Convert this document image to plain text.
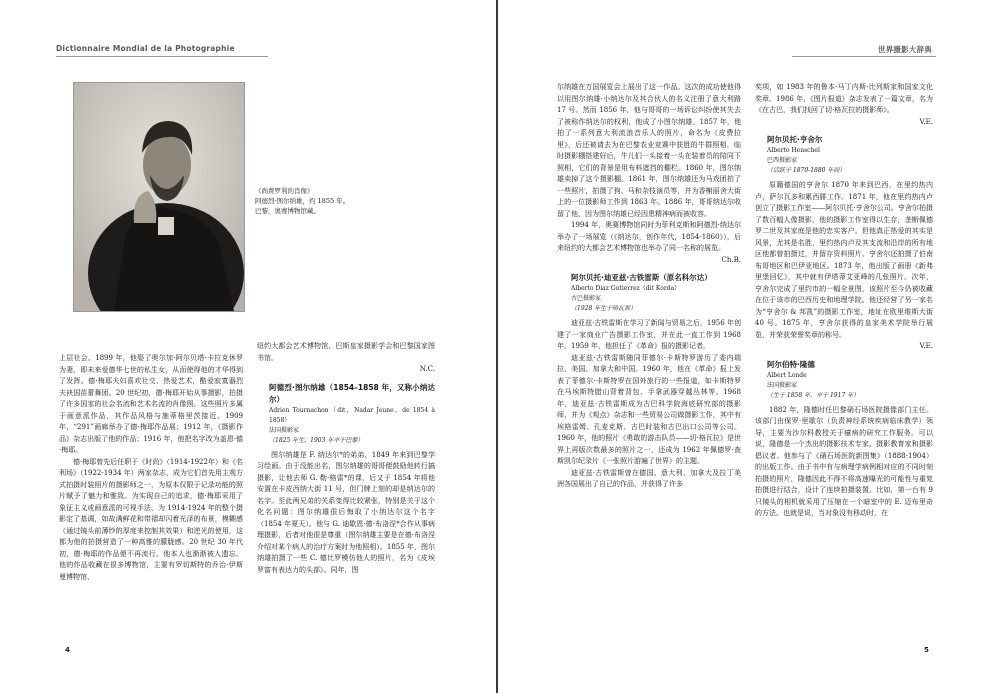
Dictionnaire Mondial de la Photographie
《尚费罗利的肖像》
阿德烈·图尔纳雄，约 1855 年。
巴黎，奥赛博物馆藏。

上层社会。1899 年，他娶了奥尔加·阿尔贝塔·卡拉克休罗为妻，即未来爱德华七世的私生女，从而使得他的才华得到了发挥。德·梅耶夫妇喜欢社交、热爱艺术，酷爱寂寞器烈夫袂国苗蕾舞团。20 世纪初，德·梅耶开始从事摄影，拍摄了许多国家的社会名流和艺术名流的肖像照。这些照片多属于画意派作品，其作品风格与施蒂格里茨接近。1909 年，“291”画廊举办了德·梅耶作品展；1912 年，《摄影作品》杂志出版了他的作品；1916 年，他把名字改为盖恩·德·梅耶。

德·梅耶曾先后任职于《时尚》（1914-1922年）和《名利场》（1922-1934 年）两家杂志，成为它们首先用主观方式拍摄时装照片的摄影师之一，为原本仅限于记录功能的照片赋予了魅力和雅致。为实现自己的追求，德·梅耶采用了象征主义或画意派的可视手法，为 1914-1924 年的整个摄影定了基调，如故满鲜花和带褶却闪着光泽的布景，模糊感（通过镜头前薄纱的厚度来控制其效果）和逆光的使用，这都为他的拍摄营造了一种高雅的朦胧感。20 世纪 30 年代初，德·梅耶的作品便不再流行。他本人也渐渐被人遗忘。他的作品收藏在很多博物馆，主要有罗切斯特的乔治·伊斯曼博物馆、

纽约大都会艺术博物馆、巴斯皇家摄影学会和巴黎国家图书馆。

N.C.

阿德烈·图尔纳雄（1854–1858 年，又称小纳达尔）
Adrien Tournachon（dit，Nadar Jeune，de 1854 à 1858）
法国摄影家
（1825 年生，1903 年卒于巴黎）

图尔纳雄是 F. 纳达尔*的弟弟，1849 年来到巴黎学习绘画。由于没能出名，图尔纳雄的哥哥便鼓励他转行搞摄影，让他去师 G. 勒·格雷*的课，后又于 1854 年将他安置在卡皮西纳大街 11 号，但门牌上刻的却是纳达尔的名字。至此两兄弟的关系变得比较紧张，特别是关于这个化名问题：图尔纳雄很后悔取了小纳达尔这个名字（1854 年夏天）。他与 G. 迪歇恩·德·布洛涅*合作从事病理摄影，后者对他很是尊重（图尔纳雄主要是在德·布洛涅介绍对某个病人的治疗方案时为他照相）。1855 年，图尔纳雄拍摄了一些 C. 德比罗模仿他人的照片，名为《皮埃罗富有表达力的头部》。同年，图

4
世界摄影大辞典

尔纳雄在万国展览会上展出了这一作品。这次的成功使他得以用图尔纳雄·小纳达尔及其合伙人的名义注册了意大利路 17 号。然而 1856 年，他与哥哥的一场诉讼纠纷使其失去了被称作纳达尔的权利，他成了小图尔纳雄。1857 年，他拍了一系列意大利流浪音乐人的照片，命名为《皮费拉里》，后还被请去为在巴黎农业竞赛中获胜的牛群照相，临时摄影棚搭建好后，牛儿们一头接着一头在装着员的陪同下照相，它们的背景是用布料遮挡的棚栏。1860 年，图尔纳雄卖掉了这个摄影棚。1861 年，图尔纳雄还为马戏团拍了一些照片，拍摄了狗、马和杂技演员等，并为香榭丽舍大街上的一位摄影师工作到 1863 年。1886 年，哥哥纳达尔收留了他，因为图尔纳雄已经因患精神病而被收容。

1994 年，奥赛博物馆同时为菲利克斯和阿德烈·纳达尔举办了一场展览（《纳达尔，创作年代，1854-1860》），后来纽约的大都会艺术博物馆也举办了同一名称的展览。

Ch.B.

阿尔贝托·迪亚兹·古铁雷斯（原名科尔达）
Alberto Diaz Gutierrez（dit Korda）
古巴摄影家
（1928 年生于哈瓦那）

迪亚兹·古铁雷斯在学习了新闻与贸易之后，1956 年创建了一家商业广告摄影工作室，并在此一直工作到 1968 年。1959 年，他担任了《革命》报的摄影记者。

迪亚兹·古铁雷斯随同菲德尔·卡斯特罗游历了委内瑞拉、美国、加拿大和中国。1960 年，他在《革命》报上发表了菲德尔·卡斯特罗在国外旅行的一些报道，如卡斯特罗在马埃斯特腊山背着背包、手拿武器穿越丛林等。1968 年，迪亚兹·古铁雷斯成为古巴科学院海底研究部的摄影师，并为《观点》杂志和一些贸易公司做摄影工作，其中有埃格雷姆、孔麦克斯、古巴时装和古巴出口公司等公司。1960 年，他的照片《勇敢的游击队员——切·格瓦拉》是世界上再版次数最多的照片之一，还成为 1962 年佩德罗·查斯凯尔纪录片《一张照片游遍了世界》的主题。

迪亚兹·古铁雷斯曾在德国、意大利、加拿大及拉丁美洲各国展出了自己的作品，并获得了许多

奖项，如 1983 年的鲁本·马丁内斯·比列斯家和国家文化奖章。1986 年，《图片报道》杂志发表了一篇文章，名为《在古巴，我们找回了切·格瓦拉的摄影师》。

V.E.

阿尔贝托·亨舍尔
Alberto Henschel
巴西摄影家
（活跃于 1870-1880 年间）

原籍德国的亨舍尔 1870 年来到巴西，在里约热内卢、萨尔瓦多和累西腓工作。1871 年，他在里约热内卢创立了摄影工作室——阿尔贝托·亨舍尔公司。亨舍尔拍摄了数百幅人像摄影，他的摄影工作室得以生存，垄断佩德罗二世及其家庭是他的忠实客户。但他真正热爱的其实是风景，尤其是名胜，里约热内卢及其支流和沿岸的所有地区他都曾拍摄过，并留存资料照片。亨舍尔还拍摄了伯南布哥地区和巴伊亚地区。1873 年，他出版了画册《新弗里堡回忆》，其中就有伊塔蒂艾亚峰的几张照片。次年，亨舍尔完成了里约市的一幅全景图，该照片至今仍被收藏在位于该市的巴西历史和地理学院。他还经营了另一家名为“亨舍尔 & 邦凯”的摄影工作室，地址在欧里维斯大街 40 号。1875 年，亨舍尔获得的皇家美术学院举行展览，并荣获荣誉奖章的称号。

V.E.

阿尔伯特·隆德
Albert Londe
法国摄影家
（生于 1858 年，卒于 1917 年）

1882 年，隆德时任巴黎硝石场医院摄像部门主任。该部门由保罗·里歇尔（负责神经系统疾病临床教学）领导，主要为沙尔科教授关于癔病的研究工作服务。可以说，隆德是一个杰出的摄影技术专家、摄影教育家和摄影倡议者。他参与了《硝石场医院新图集》（1888-1904）的出版工作。由于书中有与病理学病例相对应的不同时刻拍摄的照片，隆德因此不得不将高速曝光的可能性与重复拍摄进行结合，设计了连续拍摄装置。比如，第一台有 9 只镜头的相机就采用了压缩在一个暗室中的 E. 迈布里奇的方法。也就是说，当对象没有移动时，在

5
